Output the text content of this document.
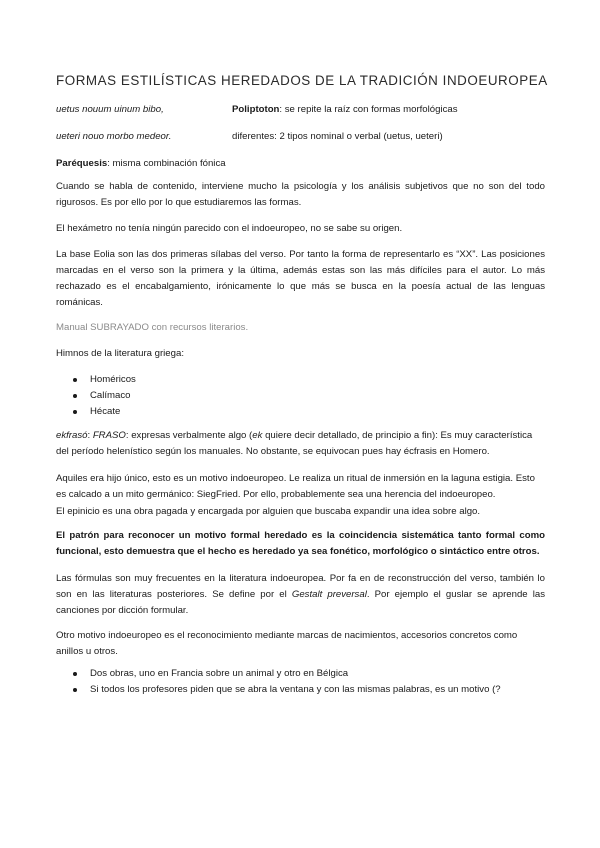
FORMAS ESTILÍSTICAS HEREDADOS DE LA TRADICIÓN INDOEUROPEA
uetus nouum uinum bibo,	Poliptoton: se repite la raíz con formas morfológicas
ueteri nouo morbo medeor.	diferentes: 2 tipos nominal o verbal (uetus, ueteri)

Paréquesis: misma combinación fónica

Cuando se habla de contenido, interviene mucho la psicología y los análisis subjetivos que no son del todo rigurosos. Es por ello por lo que estudiaremos las formas.

El hexámetro no tenía ningún parecido con el indoeuropeo, no se sabe su origen.

La base Eolia son las dos primeras sílabas del verso. Por tanto la forma de representarlo es “XX”. Las posiciones marcadas en el verso son la primera y la última, además estas son las más difíciles para el autor. Lo más rechazado es el encabalgamiento, irónicamente lo que más se busca en la poesía actual de las lenguas románicas.

Manual SUBRAYADO con recursos literarios.

Himnos de la literatura griega:

Homéricos
Calímaco
Hécate

ekfrasó: FRASO: expresas verbalmente algo (ek quiere decir detallado, de principio a fin): Es muy característica del período helenístico según los manuales. No obstante, se equivocan pues hay écfrasis en Homero.

Aquiles era hijo único, esto es un motivo indoeuropeo. Le realiza un ritual de inmersión en la laguna estigia. Esto es calcado a un mito germánico: SiegFried. Por ello, probablemente sea una herencia del indoeuropeo.

El epinicio es una obra pagada y encargada por alguien que buscaba expandir una idea sobre algo.

El patrón para reconocer un motivo formal heredado es la coincidencia sistemática tanto formal como funcional, esto demuestra que el hecho es heredado ya sea fonético, morfológico o sintáctico entre otros.

Las fórmulas son muy frecuentes en la literatura indoeuropea. Por fa en de reconstrucción del verso, también lo son en las literaturas posteriores. Se define por el Gestalt preversal. Por ejemplo el guslar se aprende las canciones por dicción formular.

Otro motivo indoeuropeo es el reconocimiento mediante marcas de nacimientos, accesorios concretos como anillos u otros.

Dos obras, uno en Francia sobre un animal y otro en Bélgica
Si todos los profesores piden que se abra la ventana y con las mismas palabras, es un motivo (?
